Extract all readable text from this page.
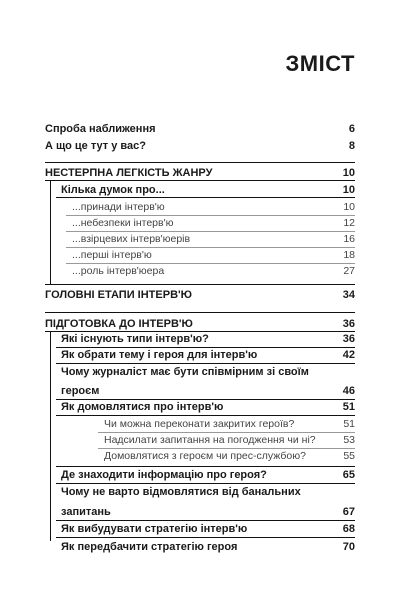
ЗМІСТ
Спроба наближення	6
А що це тут у вас?	8
НЕСТЕРПНА ЛЕГКІСТЬ ЖАНРУ	10
Кілька думок про...	10
...принади інтерв'ю	10
...небезпеки інтерв'ю	12
...взірцевих інтерв'юерів	16
...перші інтерв'ю	18
...роль інтерв'юера	27
ГОЛОВНІ ЕТАПИ ІНТЕРВ'Ю	34
ПІДГОТОВКА ДО ІНТЕРВ'Ю	36
Які існують типи інтерв'ю?	36
Як обрати тему і героя для інтерв'ю	42
Чому журналіст має бути співмірним зі своїм
героєм	46
Як домовлятися про інтерв'ю	51
Чи можна переконати закритих героїв?	51
Надсилати запитання на погодження чи ні?	53
Домовлятися з героєм чи прес-службою?	55
Де знаходити інформацію про героя?	65
Чому не варто відмовлятися від банальних
запитань	67
Як вибудувати стратегію інтерв'ю	68
Як передбачити стратегію героя	70
